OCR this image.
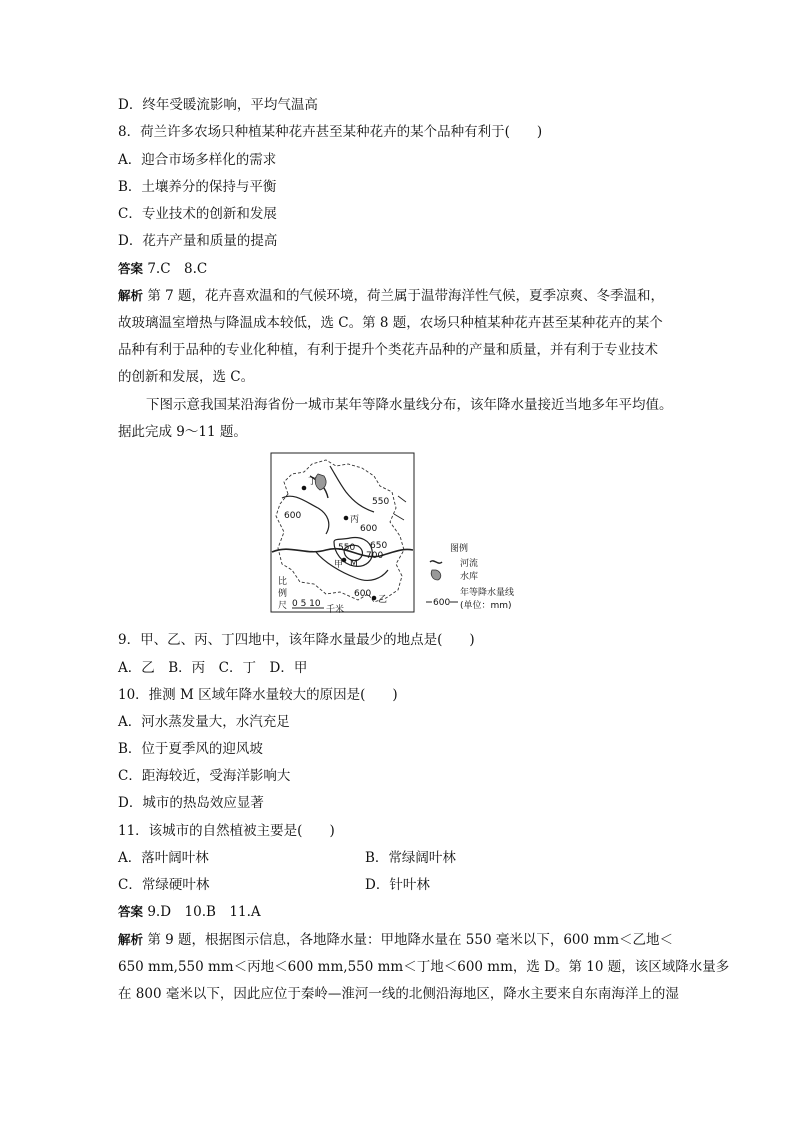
D．终年受暖流影响，平均气温高
8．荷兰许多农场只种植某种花卉甚至某种花卉的某个品种有利于(　　)
A．迎合市场多样化的需求
B．土壤养分的保持与平衡
C．专业技术的创新和发展
D．花卉产量和质量的提高
答案 7.C　8.C
解析 第 7 题，花卉喜欢温和的气候环境，荷兰属于温带海洋性气候，夏季凉爽、冬季温和，
故玻璃温室增热与降温成本较低，选 C。第 8 题，农场只种植某种花卉甚至某种花卉的某个
品种有利于品种的专业化种植，有利于提升个类花卉品种的产量和质量，并有利于专业技术
的创新和发展，选 C。
下图示意我国某沿海省份一城市某年等降水量线分布，该年降水量接近当地多年平均值。
据此完成 9～11 题。
丁
丙
甲
乙
M
550
600
600
550 650
700
600
比
例
尺 0 5 10
千米
图例
河流
水库
600
年等降水量线
(单位：mm)
9．甲、乙、丙、丁四地中，该年降水量最少的地点是(　　)
A．乙　B．丙　C．丁　D．甲
10．推测 M 区域年降水量较大的原因是(　　)
A．河水蒸发量大，水汽充足
B．位于夏季风的迎风坡
C．距海较近，受海洋影响大
D．城市的热岛效应显著
11．该城市的自然植被主要是(　　)
A．落叶阔叶林	B．常绿阔叶林
C．常绿硬叶林	D．针叶林
答案 9.D　10.B　11.A
解析 第 9 题，根据图示信息，各地降水量：甲地降水量在 550 毫米以下，600 mm＜乙地＜
650 mm,550 mm＜丙地＜600 mm,550 mm＜丁地＜600 mm，选 D。第 10 题，该区域降水量多
在 800 毫米以下，因此应位于秦岭—淮河一线的北侧沿海地区，降水主要来自东南海洋上的湿
